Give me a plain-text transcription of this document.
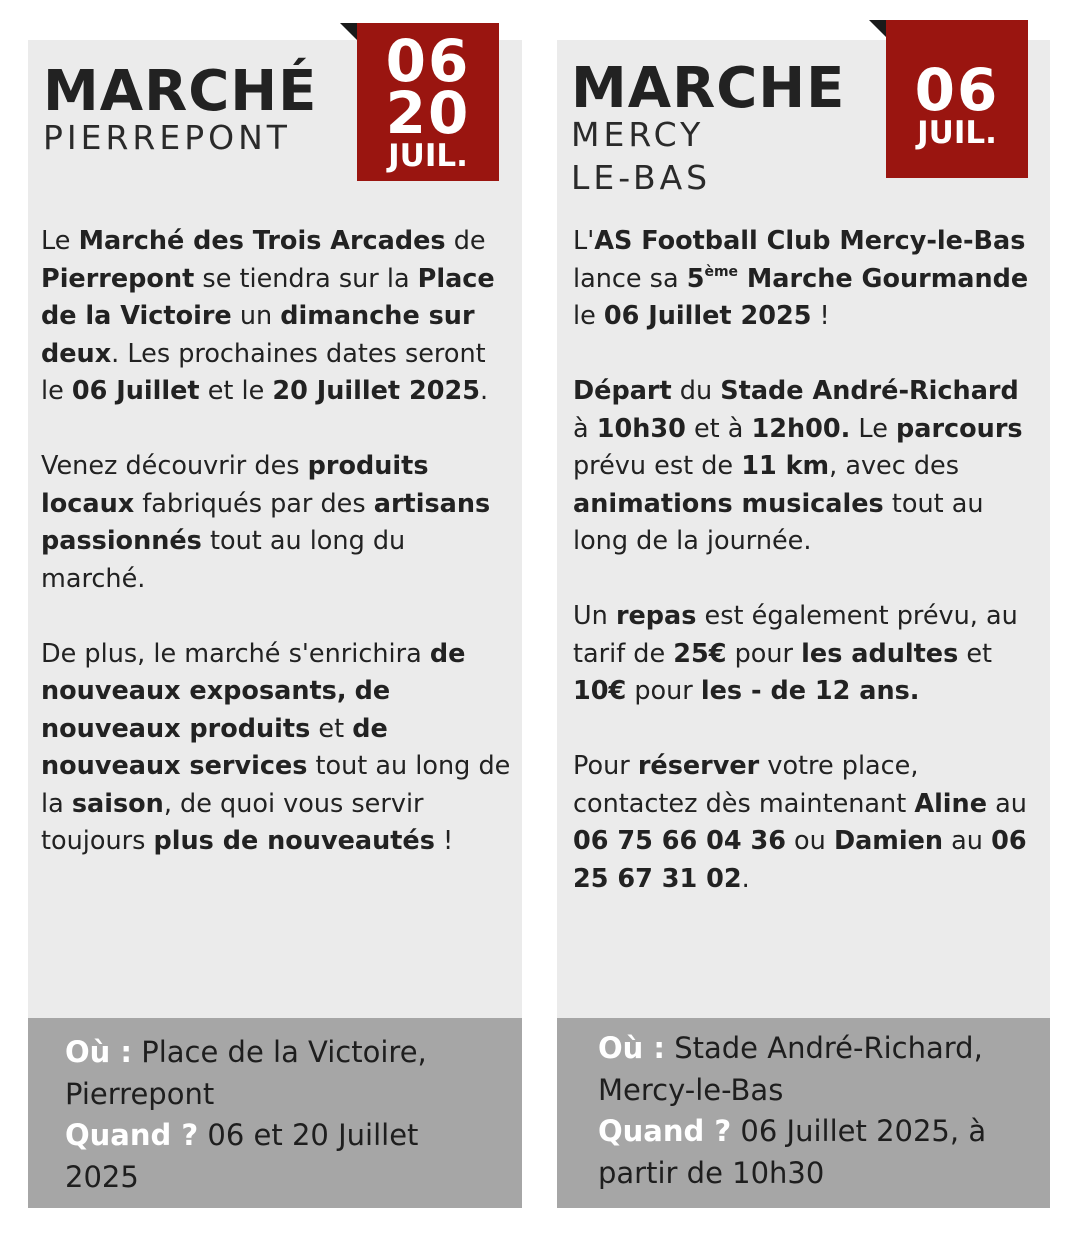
MARCHÉ
PIERREPONT
06
20
JUIL.

Le Marché des Trois Arcades de Pierrepont se tiendra sur la Place de la Victoire un dimanche sur deux. Les prochaines dates seront le 06 Juillet et le 20 Juillet 2025.

Venez découvrir des produits locaux fabriqués par des artisans passionnés tout au long du marché.

De plus, le marché s'enrichira de nouveaux exposants, de nouveaux produits et de nouveaux services tout au long de la saison, de quoi vous servir toujours plus de nouveautés !

Où : Place de la Victoire, Pierrepont
Quand ? 06 et 20 Juillet 2025
MARCHE
MERCY
LE-BAS
06
JUIL.

L'AS Football Club Mercy-le-Bas lance sa 5ème Marche Gourmande le 06 Juillet 2025 !

Départ du Stade André-Richard à 10h30 et à 12h00. Le parcours prévu est de 11 km, avec des animations musicales tout au long de la journée.

Un repas est également prévu, au tarif de 25€ pour les adultes et 10€ pour les - de 12 ans.

Pour réserver votre place, contactez dès maintenant Aline au 06 75 66 04 36 ou Damien au 06 25 67 31 02.

Où : Stade André-Richard, Mercy-le-Bas
Quand ? 06 Juillet 2025, à partir de 10h30
